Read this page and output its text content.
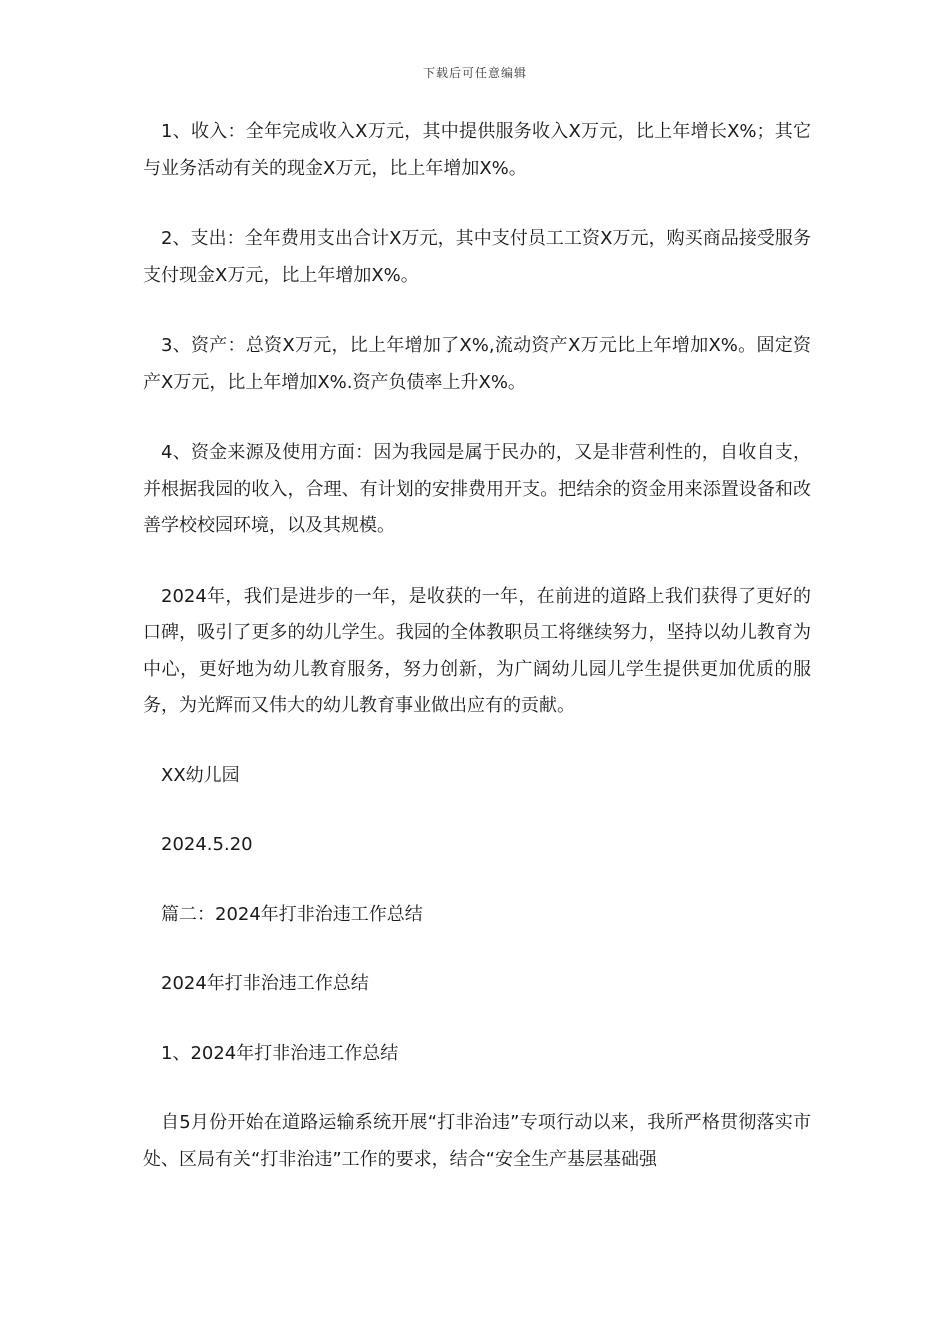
下载后可任意编辑

1、收入：全年完成收入X万元，其中提供服务收入X万元，比上年增长X%；其它与业务活动有关的现金X万元，比上年增加X%。

2、支出：全年费用支出合计X万元，其中支付员工工资X万元，购买商品接受服务支付现金X万元，比上年增加X%。

3、资产：总资X万元，比上年增加了X%,流动资产X万元比上年增加X%。固定资产X万元，比上年增加X%.资产负债率上升X%。

4、资金来源及使用方面：因为我园是属于民办的，又是非营利性的，自收自支，并根据我园的收入，合理、有计划的安排费用开支。把结余的资金用来添置设备和改善学校校园环境，以及其规模。

2024年，我们是进步的一年，是收获的一年，在前进的道路上我们获得了更好的口碑，吸引了更多的幼儿学生。我园的全体教职员工将继续努力，坚持以幼儿教育为中心，更好地为幼儿教育服务，努力创新，为广阔幼儿园儿学生提供更加优质的服务，为光辉而又伟大的幼儿教育事业做出应有的贡献。

XX幼儿园

2024.5.20

篇二：2024年打非治违工作总结

2024年打非治违工作总结

1、2024年打非治违工作总结

自5月份开始在道路运输系统开展“打非治违”专项行动以来，我所严格贯彻落实市处、区局有关“打非治违”工作的要求，结合“安全生产基层基础强
